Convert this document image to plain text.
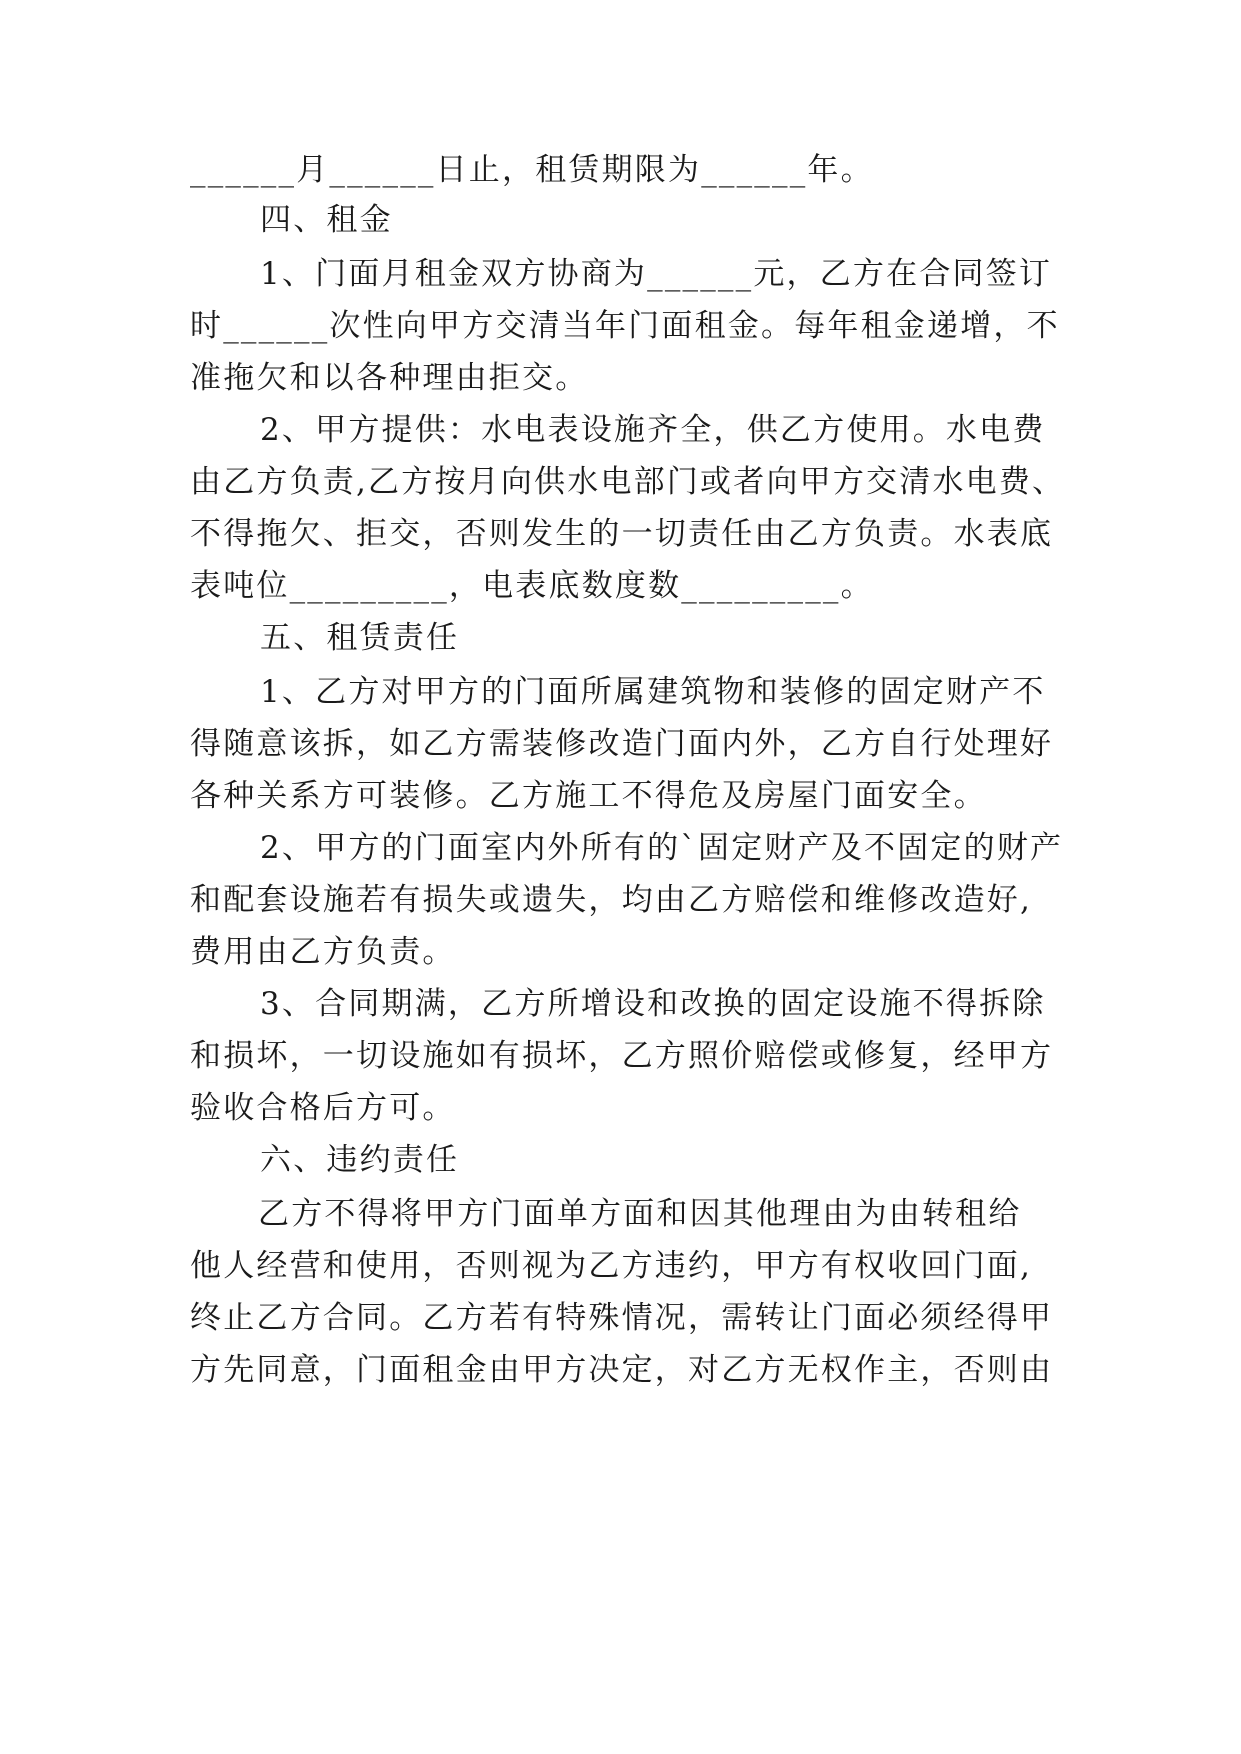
______月______日止，租赁期限为______年。
四、租金
1、门面月租金双方协商为______元，乙方在合同签订
时______次性向甲方交清当年门面租金。每年租金递增，不
准拖欠和以各种理由拒交。
2、甲方提供：水电表设施齐全，供乙方使用。水电费
由乙方负责,乙方按月向供水电部门或者向甲方交清水电费、
不得拖欠、拒交，否则发生的一切责任由乙方负责。水表底
表吨位_________，电表底数度数_________。
五、租赁责任
1、乙方对甲方的门面所属建筑物和装修的固定财产不
得随意该拆，如乙方需装修改造门面内外，乙方自行处理好
各种关系方可装修。乙方施工不得危及房屋门面安全。
2、甲方的门面室内外所有的`固定财产及不固定的财产
和配套设施若有损失或遗失，均由乙方赔偿和维修改造好,
费用由乙方负责。
3、合同期满，乙方所增设和改换的固定设施不得拆除
和损坏，一切设施如有损坏，乙方照价赔偿或修复，经甲方
验收合格后方可。
六、违约责任
乙方不得将甲方门面单方面和因其他理由为由转租给
他人经营和使用，否则视为乙方违约，甲方有权收回门面,
终止乙方合同。乙方若有特殊情况，需转让门面必须经得甲
方先同意，门面租金由甲方决定，对乙方无权作主，否则由
